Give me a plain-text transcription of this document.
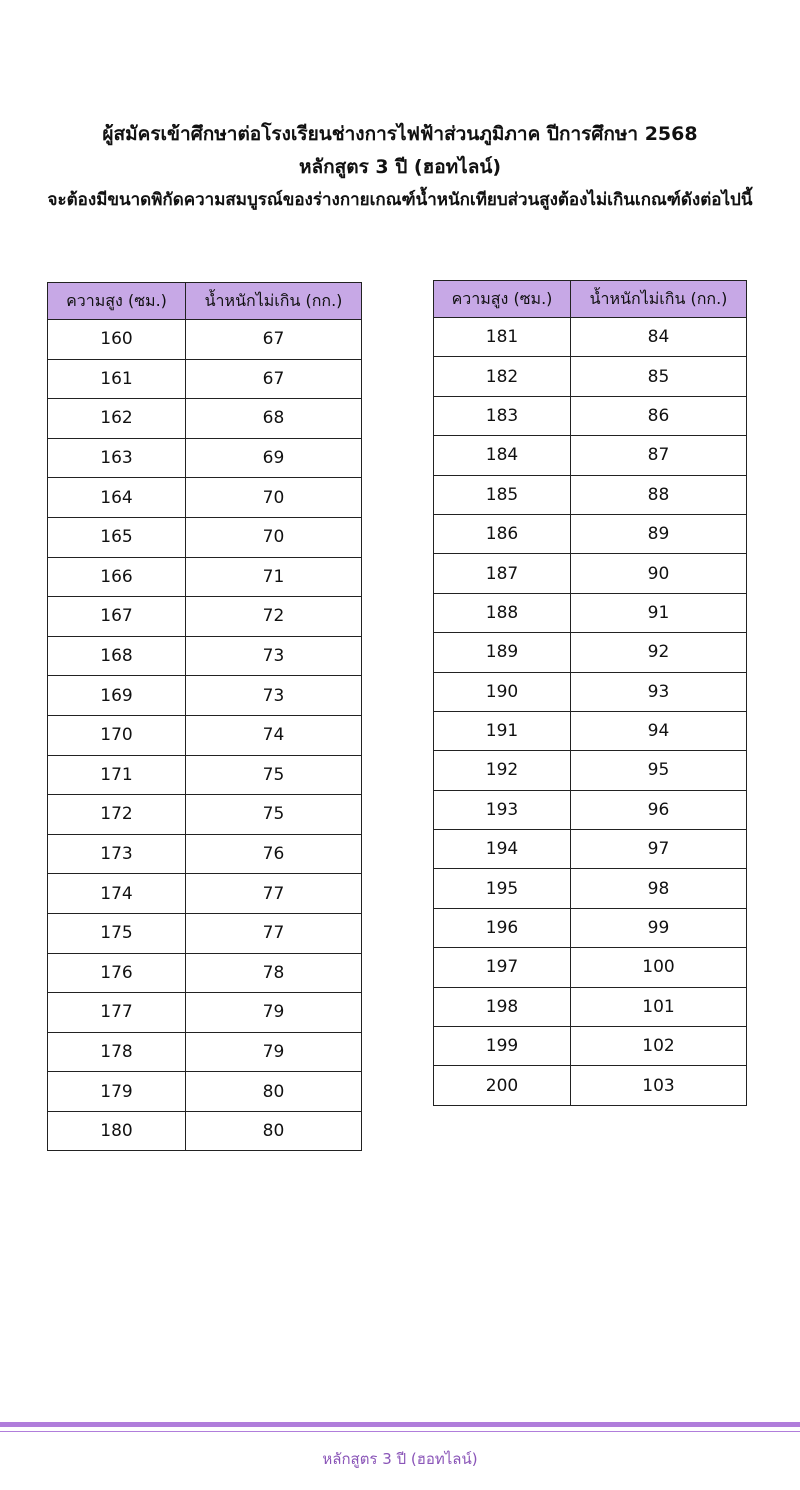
ผู้สมัครเข้าศึกษาต่อโรงเรียนช่างการไฟฟ้าส่วนภูมิภาค ปีการศึกษา 2568
หลักสูตร 3 ปี (ฮอทไลน์)
จะต้องมีขนาดพิกัดความสมบูรณ์ของร่างกายเกณฑ์น้ำหนักเทียบส่วนสูงต้องไม่เกินเกณฑ์ดังต่อไปนี้
ความสูง (ซม.)	น้ำหนักไม่เกิน (กก.)
160	67
161	67
162	68
163	69
164	70
165	70
166	71
167	72
168	73
169	73
170	74
171	75
172	75
173	76
174	77
175	77
176	78
177	79
178	79
179	80
180	80
ความสูง (ซม.)	น้ำหนักไม่เกิน (กก.)
181	84
182	85
183	86
184	87
185	88
186	89
187	90
188	91
189	92
190	93
191	94
192	95
193	96
194	97
195	98
196	99
197	100
198	101
199	102
200	103
หลักสูตร 3 ปี (ฮอทไลน์)
